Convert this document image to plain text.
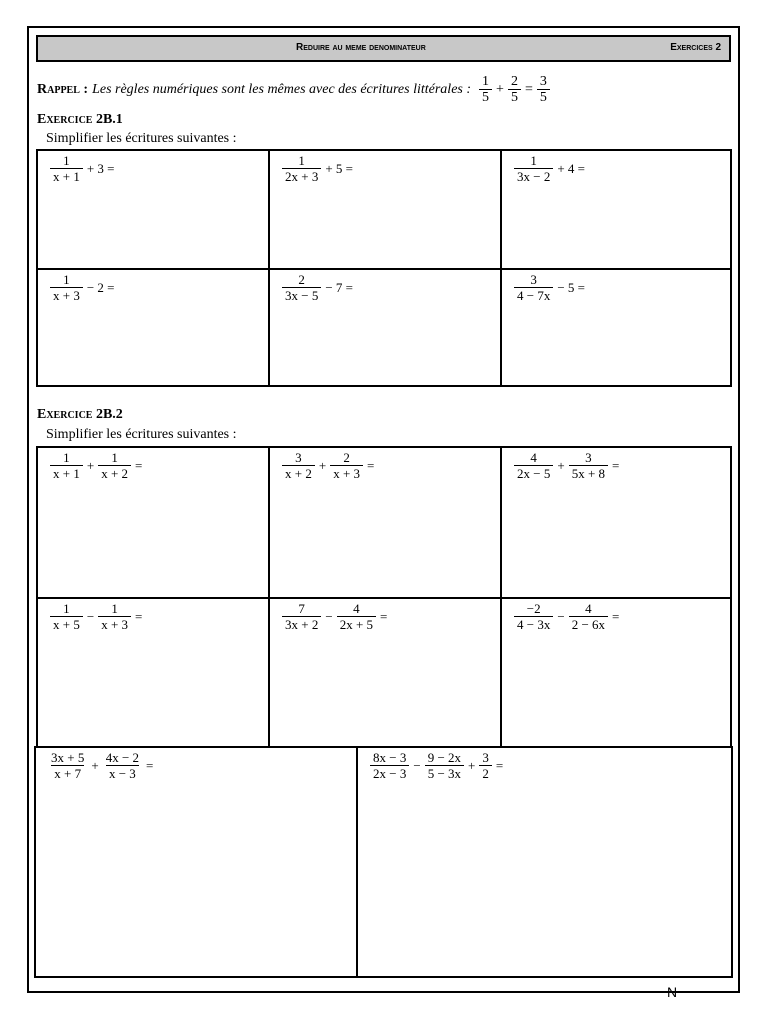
Reduire au meme denominateur	Exercices 2
Rappel : Les règles numériques sont les mêmes avec des écritures littérales : $\frac{1}{5} + \frac{2}{5} = \frac{3}{5}$
Exercice 2B.1
Simplifier les écritures suivantes :
$\frac{1}{x + 1} + 3$ =	$\frac{1}{2x + 3} + 5$ =	$\frac{1}{3x - 2} + 4$ =
$\frac{1}{x + 3} - 2$ =	$\frac{2}{3x - 5} - 7$ =	$\frac{3}{4 - 7x} - 5$ =
Exercice 2B.2
Simplifier les écritures suivantes :
$\frac{1}{x + 1} + \frac{1}{x + 2}$ =	$\frac{3}{x + 2} + \frac{2}{x + 3}$ =	$\frac{4}{2x - 5} + \frac{3}{5x + 8}$ =
$\frac{1}{x + 5} - \frac{1}{x + 3}$ =	$\frac{7}{3x + 2} - \frac{4}{2x + 5}$ =	$\frac{-2}{4 - 3x} - \frac{4}{2 - 6x}$ =
$\frac{3x + 5}{x + 7} + \frac{4x - 2}{x - 3}$ =	$\frac{8x - 3}{2x - 3} - \frac{9 - 2x}{5 - 3x} + \frac{3}{2}$ =
N
